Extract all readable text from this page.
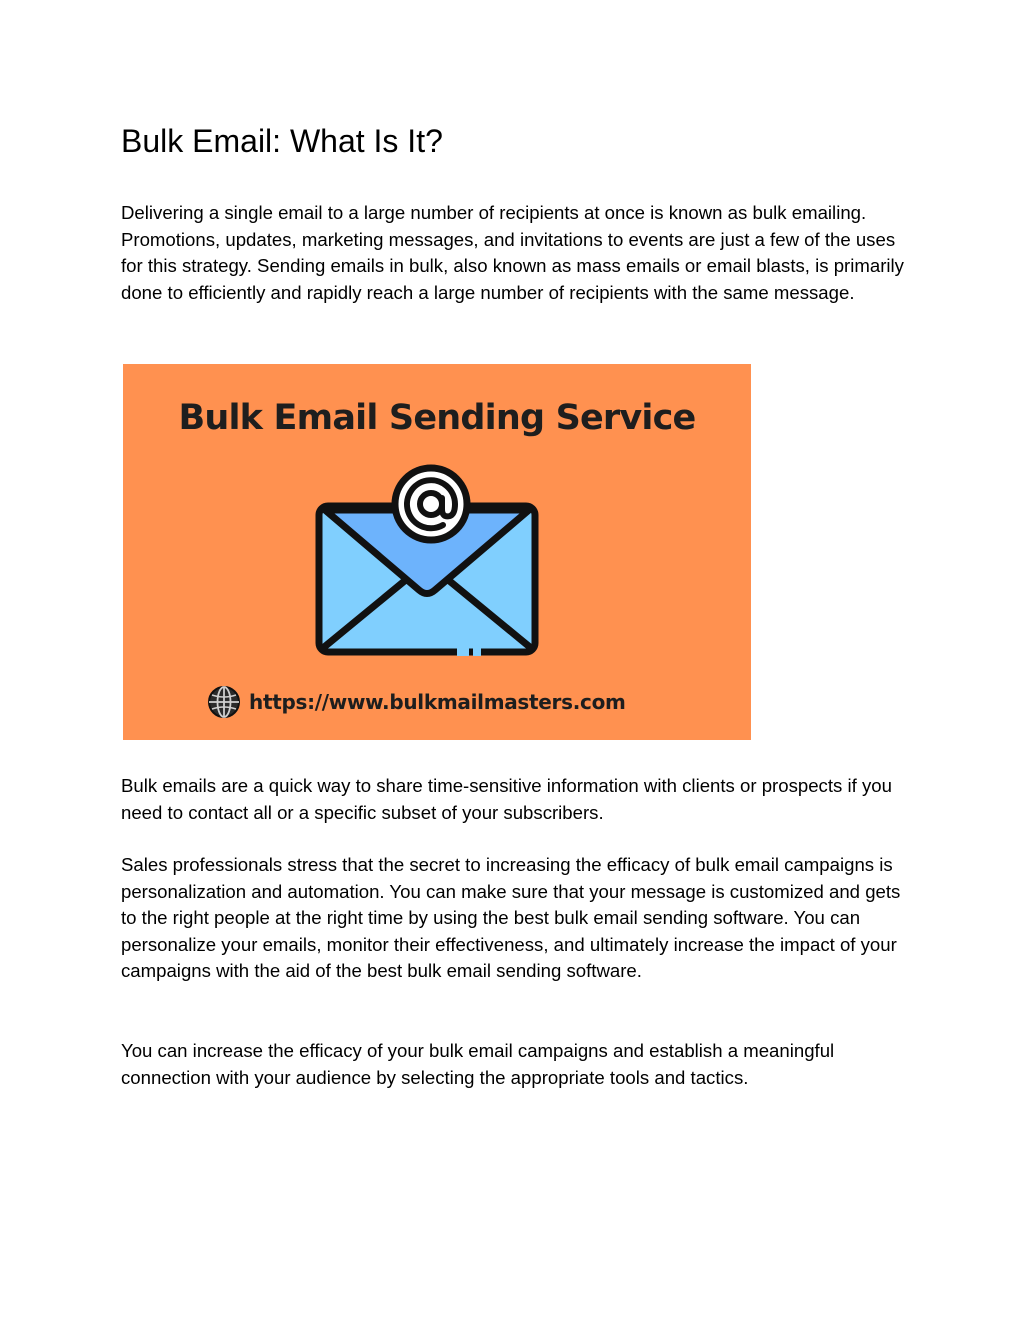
Bulk Email: What Is It?

Delivering a single email to a large number of recipients at once is known as bulk emailing. Promotions, updates, marketing messages, and invitations to events are just a few of the uses for this strategy. Sending emails in bulk, also known as mass emails or email blasts, is primarily done to efficiently and rapidly reach a large number of recipients with the same message.

Bulk Email Sending Service
https://www.bulkmailmasters.com

Bulk emails are a quick way to share time-sensitive information with clients or prospects if you need to contact all or a specific subset of your subscribers.

Sales professionals stress that the secret to increasing the efficacy of bulk email campaigns is personalization and automation. You can make sure that your message is customized and gets to the right people at the right time by using the best bulk email sending software. You can personalize your emails, monitor their effectiveness, and ultimately increase the impact of your campaigns with the aid of the best bulk email sending software.

You can increase the efficacy of your bulk email campaigns and establish a meaningful connection with your audience by selecting the appropriate tools and tactics.
